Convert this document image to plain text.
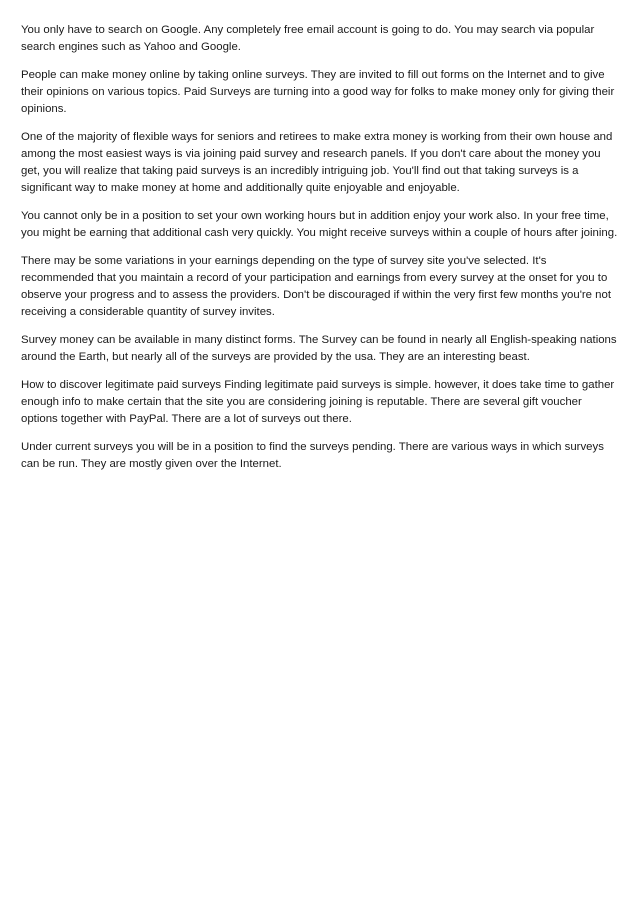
You only have to search on Google. Any completely free email account is going to do. You may search via popular search engines such as Yahoo and Google.

People can make money online by taking online surveys. They are invited to fill out forms on the Internet and to give their opinions on various topics. Paid Surveys are turning into a good way for folks to make money only for giving their opinions.

One of the majority of flexible ways for seniors and retirees to make extra money is working from their own house and among the most easiest ways is via joining paid survey and research panels. If you don't care about the money you get, you will realize that taking paid surveys is an incredibly intriguing job. You'll find out that taking surveys is a significant way to make money at home and additionally quite enjoyable and enjoyable.

You cannot only be in a position to set your own working hours but in addition enjoy your work also. In your free time, you might be earning that additional cash very quickly. You might receive surveys within a couple of hours after joining.

There may be some variations in your earnings depending on the type of survey site you've selected. It's recommended that you maintain a record of your participation and earnings from every survey at the onset for you to observe your progress and to assess the providers. Don't be discouraged if within the very first few months you're not receiving a considerable quantity of survey invites.

Survey money can be available in many distinct forms. The Survey can be found in nearly all English-speaking nations around the Earth, but nearly all of the surveys are provided by the usa. They are an interesting beast.

How to discover legitimate paid surveys Finding legitimate paid surveys is simple. however, it does take time to gather enough info to make certain that the site you are considering joining is reputable. There are several gift voucher options together with PayPal. There are a lot of surveys out there.

Under current surveys you will be in a position to find the surveys pending. There are various ways in which surveys can be run. They are mostly given over the Internet.
